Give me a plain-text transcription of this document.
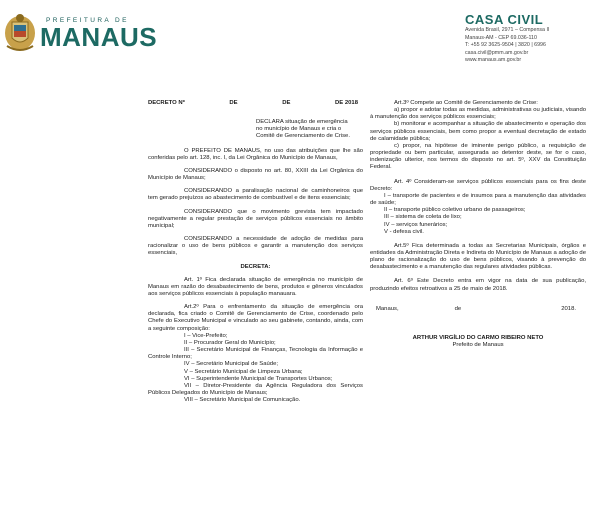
PREFEITURA DE
MANAUS
CASA CIVIL
Avenida Brasil, 2971 – Compensa II
Manaus-AM - CEP 69.036-110
T: +55 92 3625-9504 | 3820 | 6996
casa.civil@pmm.am.gov.br
www.manaus.am.gov.br
DECRETO Nº	DE	DE	DE 2018

DECLARA situação de emergência

no município de Manaus e cria o

Comitê de Gerenciamento de Crise.

O PREFEITO DE MANAUS, no uso das atribuições que lhe são conferidas pelo art. 128, inc. I, da Lei Orgânica do Município de Manaus,

CONSIDERANDO o disposto no art. 80, XXIII da Lei Orgânica do Município de Manaus;

CONSIDERANDO a paralisação nacional de caminhoneiros que tem gerado prejuízos ao abastecimento de combustível e de itens essenciais;

CONSIDERANDO que o movimento grevista tem impactado negativamente a regular prestação de serviços públicos essenciais no âmbito municipal;

CONSIDERANDO a necessidade de adoção de medidas para racionalizar o uso de bens públicos e garantir a manutenção dos serviços essenciais,

DECRETA:

Art. 1º Fica declarada situação de emergência no município de Manaus em razão do desabastecimento de bens, produtos e gêneros vinculados aos serviços públicos essenciais à população manauara.

Art.2º Para o enfrentamento da situação de emergência ora declarada, fica criado o Comitê de Gerenciamento de Crise, coordenado pelo Chefe do Executivo Municipal e vinculado ao seu gabinete, contando, ainda, com a seguinte composição:

I – Vice-Prefeito;

II – Procurador Geral do Município;

III – Secretário Municipal de Finanças, Tecnologia da Informação e Controle Interno;

IV – Secretário Municipal de Saúde;

V – Secretário Municipal de Limpeza Urbana;

VI – Superintendente Municipal de Transportes Urbanos;

VII – Diretor-Presidente da Agência Reguladora dos Serviços Públicos Delegados do Município de Manaus;

VIII – Secretário Municipal de Comunicação.

Art.3º Compete ao Comitê de Gerenciamento de Crise:

a) propor e adotar todas as medidas, administrativas ou judiciais, visando à manutenção dos serviços públicos essenciais;

b) monitorar e acompanhar a situação de abastecimento e operação dos serviços públicos essenciais, bem como propor a eventual decretação de estado de calamidade pública;

c) propor, na hipótese de iminente perigo público, a requisição de propriedade ou bem particular, assegurada ao detentor deste, se for o caso, indenização ulterior, nos termos do disposto no art. 5º, XXV da Constituição Federal.

Art. 4º Consideram-se serviços públicos essenciais para os fins deste Decreto:

I – transporte de pacientes e de insumos para a manutenção das atividades de saúde;

II – transporte público coletivo urbano de passageiros;

III – sistema de coleta de lixo;

IV – serviços funerários;

V - defesa civil.

Art.5º Fica determinada a todas as Secretarias Municipais, órgãos e entidades da Administração Direta e Indireta do Município de Manaus a adoção de plano de racionalização do uso de bens públicos, visando à prevenção do desabastecimento e a manutenção das regulares atividades públicas.

Art. 6º Este Decreto entra em vigor na data de sua publicação, produzindo efeitos retroativos a 25 de maio de 2018.

Manaus,	de	2018.

ARTHUR VIRGÍLIO DO CARMO RIBEIRO NETO

Prefeito de Manaus
